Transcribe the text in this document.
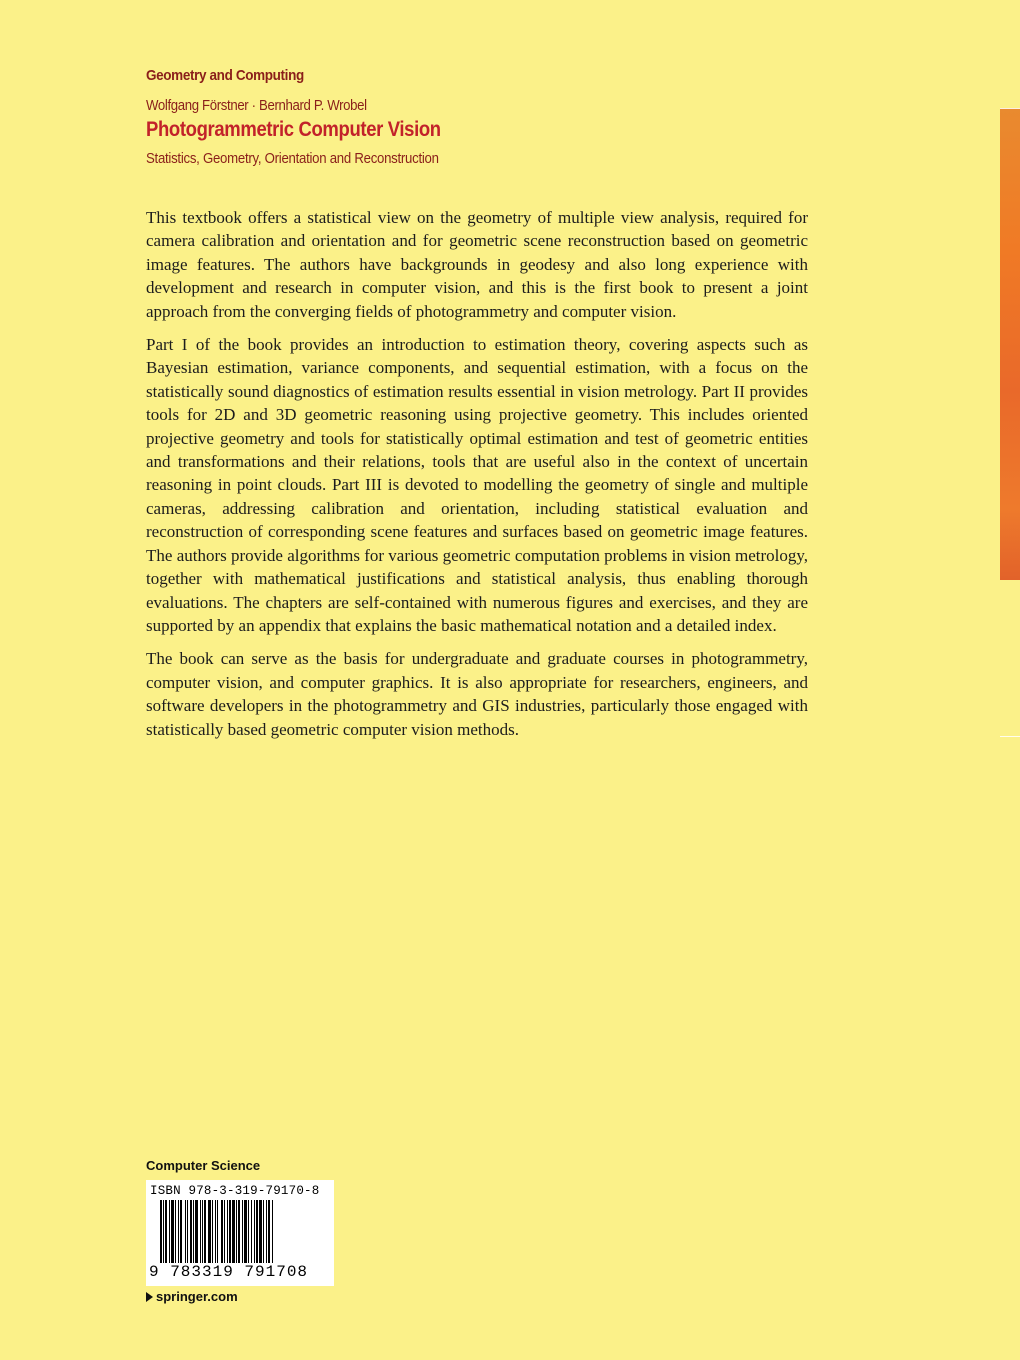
Geometry and Computing
Wolfgang Förstner · Bernhard P. Wrobel
Photogrammetric Computer Vision
Statistics, Geometry, Orientation and Reconstruction

This textbook offers a statistical view on the geometry of multiple view analysis, required for camera calibration and orientation and for geometric scene reconstruction based on geometric image features. The authors have backgrounds in geodesy and also long experience with development and research in computer vision, and this is the first book to present a joint approach from the converging fields of photogrammetry and computer vision.

Part I of the book provides an introduction to estimation theory, covering aspects such as Bayesian estimation, variance components, and sequential estimation, with a focus on the statistically sound diagnostics of estimation results essential in vision metrology. Part II provides tools for 2D and 3D geometric reasoning using projective geometry. This includes oriented projective geometry and tools for statistically optimal estimation and test of geometric entities and transformations and their relations, tools that are useful also in the context of uncertain reasoning in point clouds. Part III is devoted to modelling the geometry of single and multiple cameras, addressing calibration and orientation, including statistical evaluation and reconstruction of corresponding scene features and surfaces based on geometric image features. The authors provide algorithms for various geometric computation problems in vision metrology, together with mathematical justifications and statistical analysis, thus enabling thorough evaluations. The chapters are self-contained with numerous figures and exercises, and they are supported by an appendix that explains the basic mathematical notation and a detailed index.

The book can serve as the basis for undergraduate and graduate courses in photogrammetry, computer vision, and computer graphics. It is also appropriate for researchers, engineers, and software developers in the photogrammetry and GIS industries, particularly those engaged with statistically based geometric computer vision methods.

Computer Science
ISBN 978-3-319-79170-8
9 783319 791708
springer.com
